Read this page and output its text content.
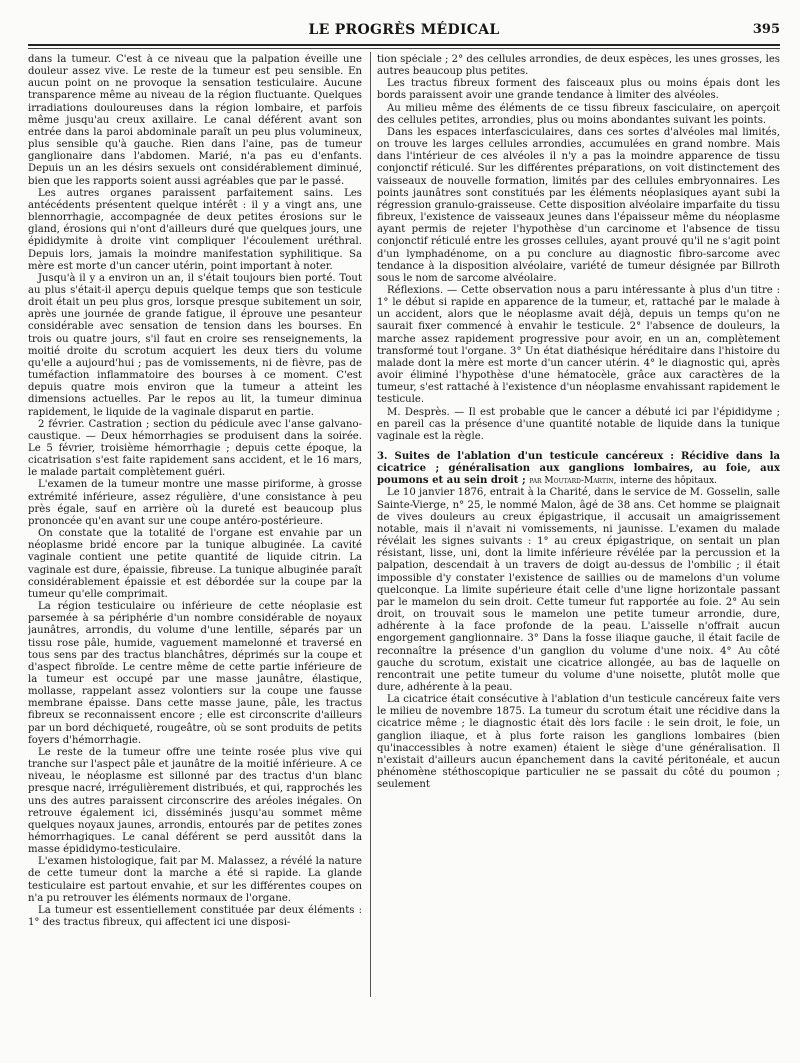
LE PROGRÈS MÉDICAL	395

dans la tumeur. C'est à ce niveau que la palpation éveille une douleur assez vive. Le reste de la tumeur est peu sensible. En aucun point on ne provoque la sensation testiculaire. Aucune transparence même au niveau de la région fluctuante. Quelques irradiations douloureuses dans la région lombaire, et parfois même jusqu'au creux axillaire. Le canal déférent avant son entrée dans la paroi abdominale paraît un peu plus volumineux, plus sensible qu'à gauche. Rien dans l'aine, pas de tumeur ganglionaire dans l'abdomen. Marié, n'a pas eu d'enfants. Depuis un an les désirs sexuels ont considérablement diminué, bien que les rapports soient aussi agréables que par le passé.

Les autres organes paraissent parfaitement sains. Les antécédents présentent quelque intérêt : il y a vingt ans, une blennorrhagie, accompagnée de deux petites érosions sur le gland, érosions qui n'ont d'ailleurs duré que quelques jours, une épididymite à droite vint compliquer l'écoulement uréthral. Depuis lors, jamais la moindre manifestation syphilitique. Sa mère est morte d'un cancer utérin, point important à noter.

Jusqu'à il y a environ un an, il s'était toujours bien porté. Tout au plus s'était-il aperçu depuis quelque temps que son testicule droit était un peu plus gros, lorsque presque subitement un soir, après une journée de grande fatigue, il éprouve une pesanteur considérable avec sensation de tension dans les bourses. En trois ou quatre jours, s'il faut en croire ses renseignements, la moitié droite du scrotum acquiert les deux tiers du volume qu'elle a aujourd'hui ; pas de vomissements, ni de fièvre, pas de tuméfaction inflammatoire des bourses à ce moment. C'est depuis quatre mois environ que la tumeur a atteint les dimensions actuelles. Par le repos au lit, la tumeur diminua rapidement, le liquide de la vaginale disparut en partie.

2 février. Castration ; section du pédicule avec l'anse galvano-caustique. — Deux hémorrhagies se produisent dans la soirée. Le 5 février, troisième hémorrhagie ; depuis cette époque, la cicatrisation s'est faite rapidement sans accident, et le 16 mars, le malade partait complètement guéri.

L'examen de la tumeur montre une masse piriforme, à grosse extrémité inférieure, assez régulière, d'une consistance à peu près égale, sauf en arrière où la dureté est beaucoup plus prononcée qu'en avant sur une coupe antéro-postérieure.

On constate que la totalité de l'organe est envahie par un néoplasme bridé encore par la tunique albuginée. La cavité vaginale contient une petite quantité de liquide citrin. La vaginale est dure, épaissie, fibreuse. La tunique albuginée paraît considérablement épaissie et est débordée sur la coupe par la tumeur qu'elle comprimait.

La région testiculaire ou inférieure de cette néoplasie est parsemée à sa périphérie d'un nombre considérable de noyaux jaunâtres, arrondis, du volume d'une lentille, séparés par un tissu rose pâle, humide, vaguement mamelonné et traversé en tous sens par des tractus blanchâtres, déprimés sur la coupe et d'aspect fibroïde. Le centre même de cette partie inférieure de la tumeur est occupé par une masse jaunâtre, élastique, mollasse, rappelant assez volontiers sur la coupe une fausse membrane épaisse. Dans cette masse jaune, pâle, les tractus fibreux se reconnaissent encore ; elle est circonscrite d'ailleurs par un bord déchiqueté, rougeâtre, où se sont produits de petits foyers d'hémorrhagie.

Le reste de la tumeur offre une teinte rosée plus vive qui tranche sur l'aspect pâle et jaunâtre de la moitié inférieure. A ce niveau, le néoplasme est sillonné par des tractus d'un blanc presque nacré, irrégulièrement distribués, et qui, rapprochés les uns des autres paraissent circonscrire des aréoles inégales. On retrouve également ici, disséminés jusqu'au sommet même quelques noyaux jaunes, arrondis, entourés par de petites zones hémorrhagiques. Le canal déférent se perd aussitôt dans la masse épididymo-testiculaire.

L'examen histologique, fait par M. Malassez, a révélé la nature de cette tumeur dont la marche a été si rapide. La glande testiculaire est partout envahie, et sur les différentes coupes on n'a pu retrouver les éléments normaux de l'organe.

La tumeur est essentiellement constituée par deux éléments : 1° des tractus fibreux, qui affectent ici une disposi-

tion spéciale ; 2° des cellules arrondies, de deux espèces, les unes grosses, les autres beaucoup plus petites.

Les tractus fibreux forment des faisceaux plus ou moins épais dont les bords paraissent avoir une grande tendance à limiter des alvéoles.

Au milieu même des éléments de ce tissu fibreux fasciculaire, on aperçoit des cellules petites, arrondies, plus ou moins abondantes suivant les points.

Dans les espaces interfasciculaires, dans ces sortes d'alvéoles mal limités, on trouve les larges cellules arrondies, accumulées en grand nombre. Mais dans l'intérieur de ces alvéoles il n'y a pas la moindre apparence de tissu conjonctif réticulé. Sur les différentes préparations, on voit distinctement des vaisseaux de nouvelle formation, limités par des cellules embryonnaires. Les points jaunâtres sont constitués par les éléments néoplasiques ayant subi la régression granulo-graisseuse. Cette disposition alvéolaire imparfaite du tissu fibreux, l'existence de vaisseaux jeunes dans l'épaisseur même du néoplasme ayant permis de rejeter l'hypothèse d'un carcinome et l'absence de tissu conjonctif réticulé entre les grosses cellules, ayant prouvé qu'il ne s'agit point d'un lymphadénome, on a pu conclure au diagnostic fibro-sarcome avec tendance à la disposition alvéolaire, variété de tumeur désignée par Billroth sous le nom de sarcome alvéolaire.

Réflexions. — Cette observation nous a paru intéressante à plus d'un titre : 1° le début si rapide en apparence de la tumeur, et, rattaché par le malade à un accident, alors que le néoplasme avait déjà, depuis un temps qu'on ne saurait fixer commencé à envahir le testicule. 2° l'absence de douleurs, la marche assez rapidement progressive pour avoir, en un an, complètement transformé tout l'organe. 3° Un état diathésique héréditaire dans l'histoire du malade dont la mère est morte d'un cancer utérin. 4° le diagnostic qui, après avoir éliminé l'hypothèse d'une hématocèle, grâce aux caractères de la tumeur, s'est rattaché à l'existence d'un néoplasme envahissant rapidement le testicule.

M. Desprès. — Il est probable que le cancer a débuté ici par l'épididyme ; en pareil cas la présence d'une quantité notable de liquide dans la tunique vaginale est la règle.

3. Suites de l'ablation d'un testicule cancéreux : Récidive dans la cicatrice ; généralisation aux ganglions lombaires, au foie, aux poumons et au sein droit ; par Moutard-Martin, interne des hôpitaux.

Le 10 janvier 1876, entrait à la Charité, dans le service de M. Gosselin, salle Sainte-Vierge, n° 25, le nommé Malon, âgé de 38 ans. Cet homme se plaignait de vives douleurs au creux épigastrique, il accusait un amaigrissement notable, mais il n'avait ni vomissements, ni jaunisse. L'examen du malade révélait les signes suivants : 1° au creux épigastrique, on sentait un plan résistant, lisse, uni, dont la limite inférieure révélée par la percussion et la palpation, descendait à un travers de doigt au-dessus de l'ombilic ; il était impossible d'y constater l'existence de saillies ou de mamelons d'un volume quelconque. La limite supérieure était celle d'une ligne horizontale passant par le mamelon du sein droit. Cette tumeur fut rapportée au foie. 2° Au sein droit, on trouvait sous le mamelon une petite tumeur arrondie, dure, adhérente à la face profonde de la peau. L'aisselle n'offrait aucun engorgement ganglionnaire. 3° Dans la fosse iliaque gauche, il était facile de reconnaître la présence d'un ganglion du volume d'une noix. 4° Au côté gauche du scrotum, existait une cicatrice allongée, au bas de laquelle on rencontrait une petite tumeur du volume d'une noisette, plutôt molle que dure, adhérente à la peau.

La cicatrice était consécutive à l'ablation d'un testicule cancéreux faite vers le milieu de novembre 1875. La tumeur du scrotum était une récidive dans la cicatrice même ; le diagnostic était dès lors facile : le sein droit, le foie, un ganglion iliaque, et à plus forte raison les ganglions lombaires (bien qu'inaccessibles à notre examen) étaient le siège d'une généralisation. Il n'existait d'ailleurs aucun épanchement dans la cavité péritonéale, et aucun phénomène stéthoscopique particulier ne se passait du côté du poumon ; seulement
